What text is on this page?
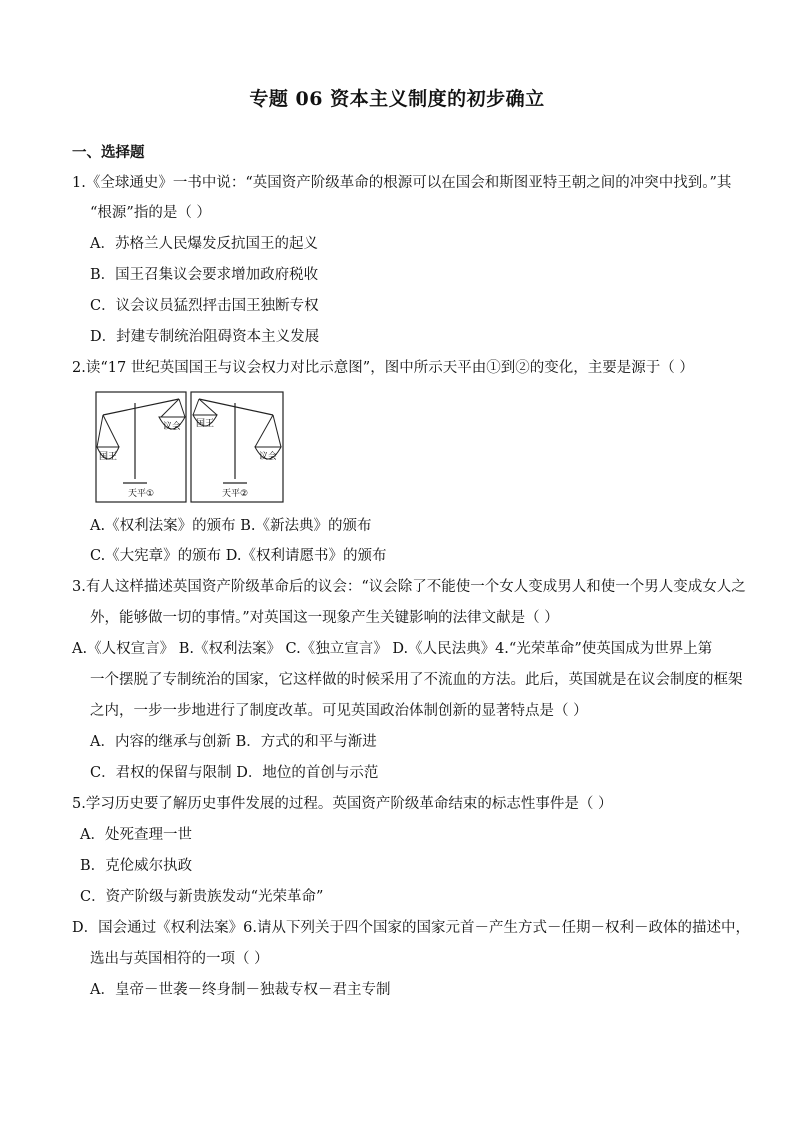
专题 06 资本主义制度的初步确立
一、选择题
1.《全球通史》一书中说：“英国资产阶级革命的根源可以在国会和斯图亚特王朝之间的冲突中找到。”其
“根源”指的是（ ）
A．苏格兰人民爆发反抗国王的起义
B．国王召集议会要求增加政府税收
C．议会议员猛烈抨击国王独断专权
D．封建专制统治阻碍资本主义发展
2.读“17 世纪英国国王与议会权力对比示意图”，图中所示天平由①到②的变化，主要是源于（ ）
国王
议会
天平①
国王
议会
天平②
A.《权利法案》的颁布 B.《新法典》的颁布
C.《大宪章》的颁布 D.《权利请愿书》的颁布
3.有人这样描述英国资产阶级革命后的议会：“议会除了不能使一个女人变成男人和使一个男人变成女人之
外，能够做一切的事情。”对英国这一现象产生关键影响的法律文献是（ ）
A.《人权宣言》 B.《权利法案》 C.《独立宣言》 D.《人民法典》4.“光荣革命”使英国成为世界上第
一个摆脱了专制统治的国家，它这样做的时候采用了不流血的方法。此后，英国就是在议会制度的框架
之内，一步一步地进行了制度改革。可见英国政治体制创新的显著特点是（ ）
A．内容的继承与创新 B．方式的和平与渐进
C．君权的保留与限制 D．地位的首创与示范
5.学习历史要了解历史事件发展的过程。英国资产阶级革命结束的标志性事件是（ ）
A．处死查理一世
B．克伦威尔执政
C．资产阶级与新贵族发动“光荣革命”
D．国会通过《权利法案》6.请从下列关于四个国家的国家元首－产生方式－任期－权利－政体的描述中，
选出与英国相符的一项（ ）
A．皇帝－世袭－终身制－独裁专权－君主专制
